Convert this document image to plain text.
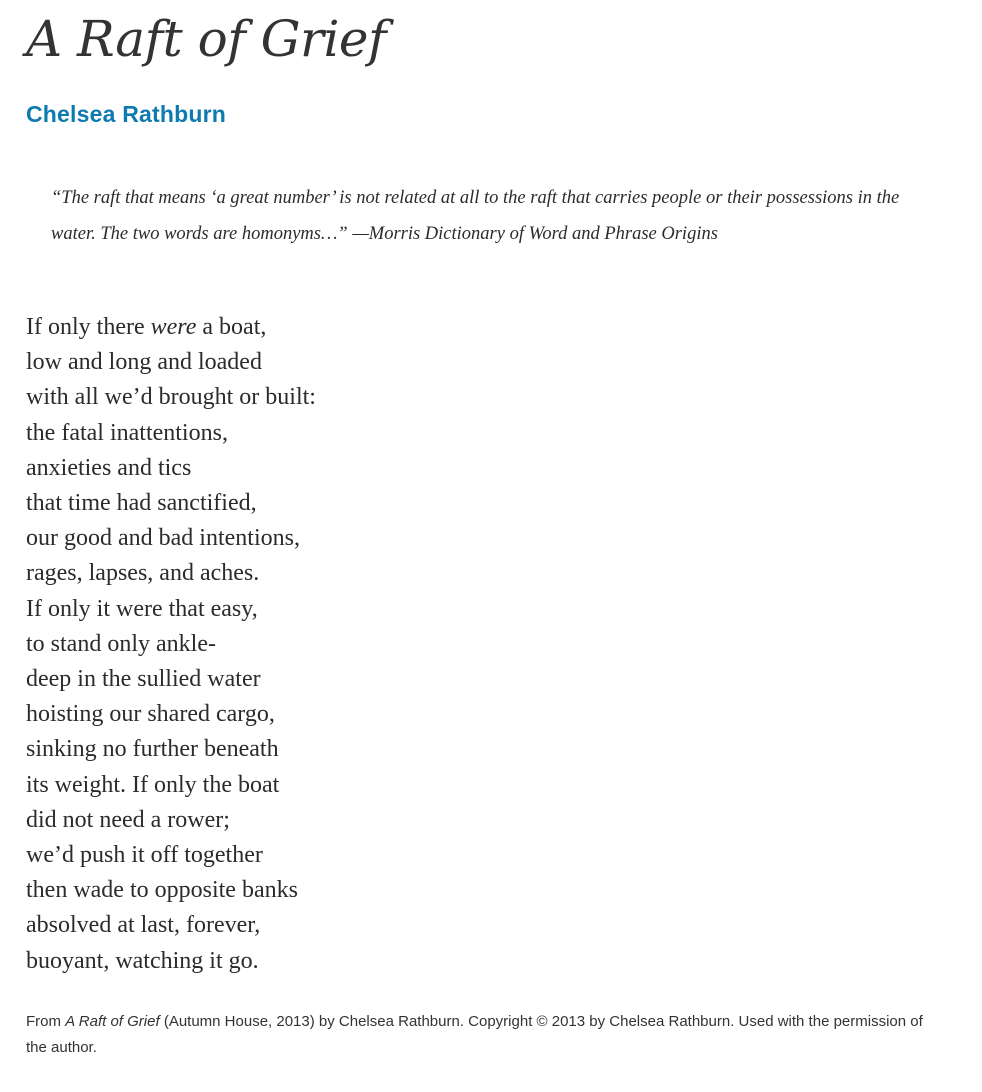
A Raft of Grief
Chelsea Rathburn

“The raft that means ‘a great number’ is not related at all to the raft that carries people or their possessions in the water. The two words are homonyms…” —Morris Dictionary of Word and Phrase Origins

If only there were a boat,
low and long and loaded
with all we’d brought or built:
the fatal inattentions,
anxieties and tics
that time had sanctified,
our good and bad intentions,
rages, lapses, and aches.
If only it were that easy,
to stand only ankle-
deep in the sullied water
hoisting our shared cargo,
sinking no further beneath
its weight. If only the boat
did not need a rower;
we’d push it off together
then wade to opposite banks
absolved at last, forever,
buoyant, watching it go.

From A Raft of Grief (Autumn House, 2013) by Chelsea Rathburn. Copyright © 2013 by Chelsea Rathburn. Used with the permission of the author.
